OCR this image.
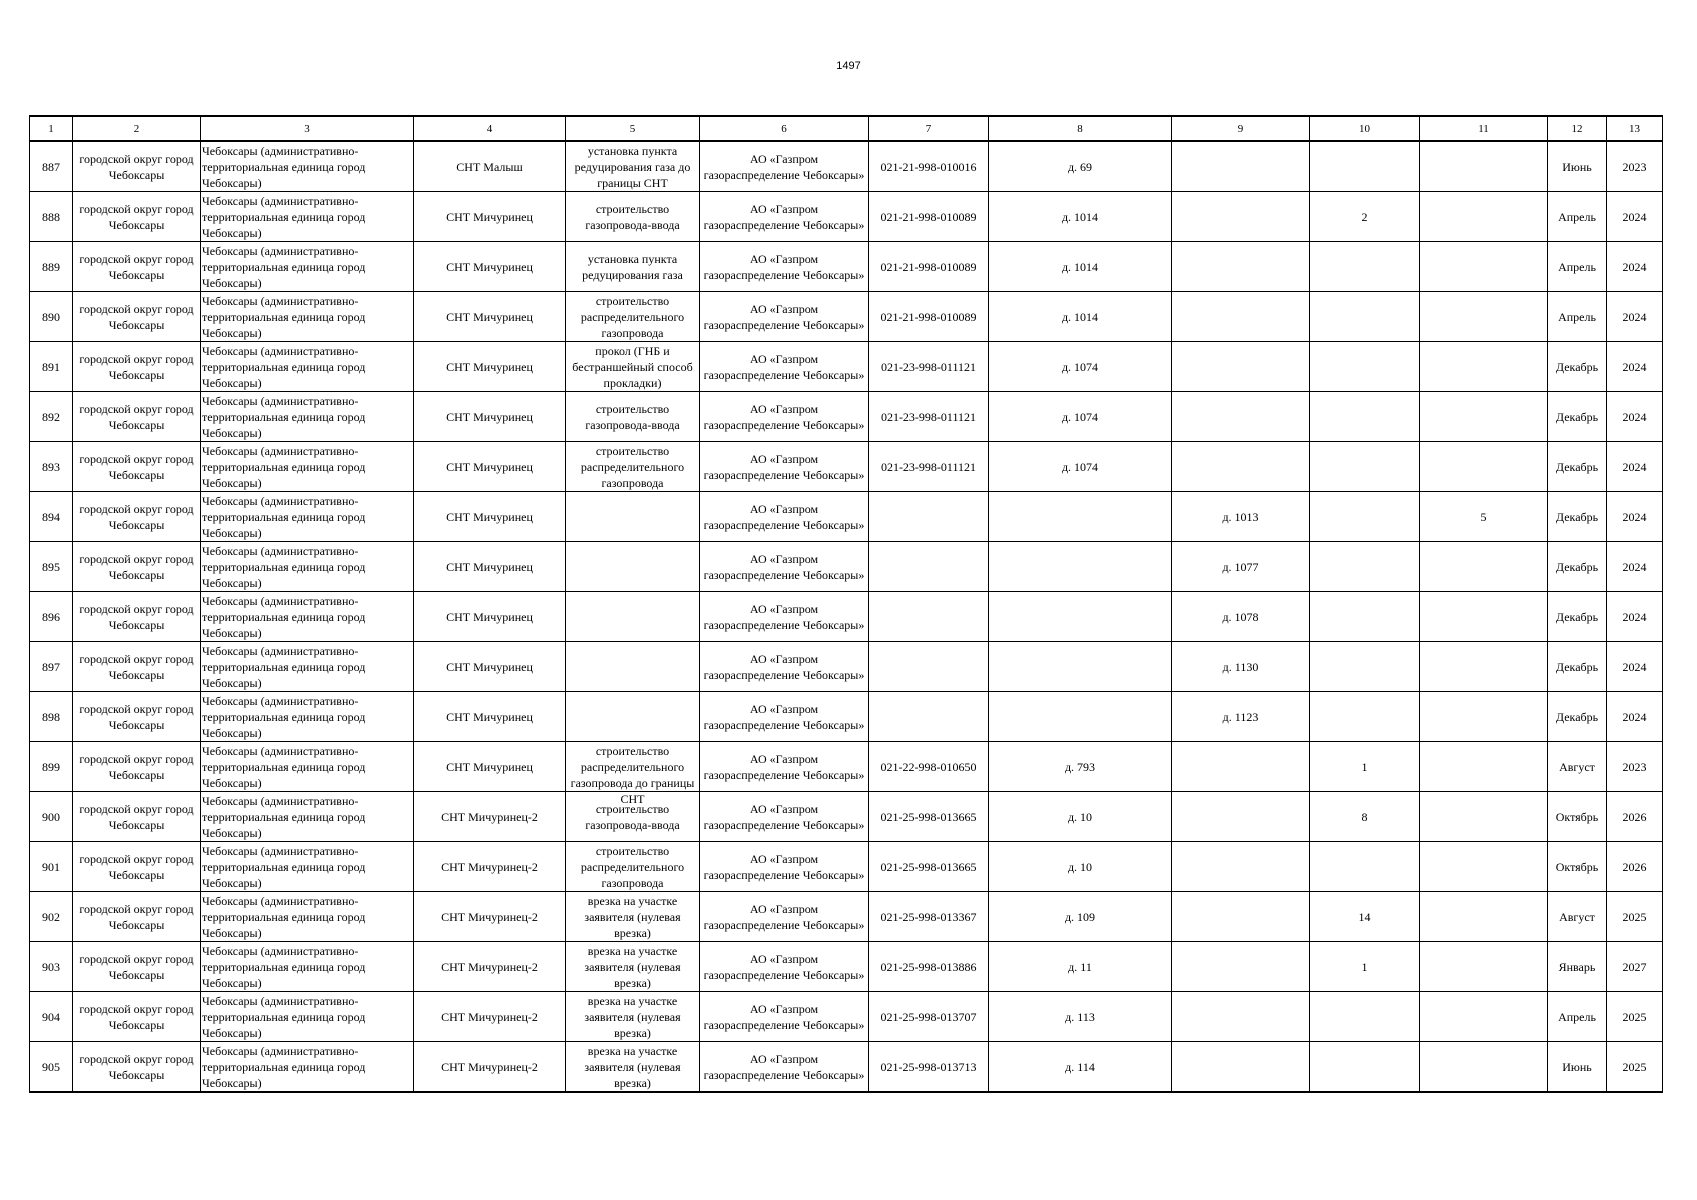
1497
1	2	3	4	5	6	7	8	9	10	11	12	13
887	городской округ город Чебоксары	Чебоксары (административно-территориальная единица город Чебоксары)	СНТ Малыш	установка пункта редуцирования газа до границы СНТ	АО «Газпром газораспределение Чебоксары»	021-21-998-010016	д. 69				Июнь	2023
888	городской округ город Чебоксары	Чебоксары (административно-территориальная единица город Чебоксары)	СНТ Мичуринец	строительство газопровода-ввода	АО «Газпром газораспределение Чебоксары»	021-21-998-010089	д. 1014		2		Апрель	2024
889	городской округ город Чебоксары	Чебоксары (административно-территориальная единица город Чебоксары)	СНТ Мичуринец	установка пункта редуцирования газа	АО «Газпром газораспределение Чебоксары»	021-21-998-010089	д. 1014				Апрель	2024
890	городской округ город Чебоксары	Чебоксары (административно-территориальная единица город Чебоксары)	СНТ Мичуринец	строительство распределительного газопровода	АО «Газпром газораспределение Чебоксары»	021-21-998-010089	д. 1014				Апрель	2024
891	городской округ город Чебоксары	Чебоксары (административно-территориальная единица город Чебоксары)	СНТ Мичуринец	прокол (ГНБ и бестраншейный способ прокладки)	АО «Газпром газораспределение Чебоксары»	021-23-998-011121	д. 1074				Декабрь	2024
892	городской округ город Чебоксары	Чебоксары (административно-территориальная единица город Чебоксары)	СНТ Мичуринец	строительство газопровода-ввода	АО «Газпром газораспределение Чебоксары»	021-23-998-011121	д. 1074				Декабрь	2024
893	городской округ город Чебоксары	Чебоксары (административно-территориальная единица город Чебоксары)	СНТ Мичуринец	строительство распределительного газопровода	АО «Газпром газораспределение Чебоксары»	021-23-998-011121	д. 1074				Декабрь	2024
894	городской округ город Чебоксары	Чебоксары (административно-территориальная единица город Чебоксары)	СНТ Мичуринец		АО «Газпром газораспределение Чебоксары»			д. 1013		5	Декабрь	2024
895	городской округ город Чебоксары	Чебоксары (административно-территориальная единица город Чебоксары)	СНТ Мичуринец		АО «Газпром газораспределение Чебоксары»			д. 1077			Декабрь	2024
896	городской округ город Чебоксары	Чебоксары (административно-территориальная единица город Чебоксары)	СНТ Мичуринец		АО «Газпром газораспределение Чебоксары»			д. 1078			Декабрь	2024
897	городской округ город Чебоксары	Чебоксары (административно-территориальная единица город Чебоксары)	СНТ Мичуринец		АО «Газпром газораспределение Чебоксары»			д. 1130			Декабрь	2024
898	городской округ город Чебоксары	Чебоксары (административно-территориальная единица город Чебоксары)	СНТ Мичуринец		АО «Газпром газораспределение Чебоксары»			д. 1123			Декабрь	2024
899	городской округ город Чебоксары	Чебоксары (административно-территориальная единица город Чебоксары)	СНТ Мичуринец	строительство распределительного газопровода до границы СНТ	АО «Газпром газораспределение Чебоксары»	021-22-998-010650	д. 793		1		Август	2023
900	городской округ город Чебоксары	Чебоксары (административно-территориальная единица город Чебоксары)	СНТ Мичуринец-2	строительство газопровода-ввода	АО «Газпром газораспределение Чебоксары»	021-25-998-013665	д. 10		8		Октябрь	2026
901	городской округ город Чебоксары	Чебоксары (административно-территориальная единица город Чебоксары)	СНТ Мичуринец-2	строительство распределительного газопровода	АО «Газпром газораспределение Чебоксары»	021-25-998-013665	д. 10				Октябрь	2026
902	городской округ город Чебоксары	Чебоксары (административно-территориальная единица город Чебоксары)	СНТ Мичуринец-2	врезка на участке заявителя (нулевая врезка)	АО «Газпром газораспределение Чебоксары»	021-25-998-013367	д. 109		14		Август	2025
903	городской округ город Чебоксары	Чебоксары (административно-территориальная единица город Чебоксары)	СНТ Мичуринец-2	врезка на участке заявителя (нулевая врезка)	АО «Газпром газораспределение Чебоксары»	021-25-998-013886	д. 11		1		Январь	2027
904	городской округ город Чебоксары	Чебоксары (административно-территориальная единица город Чебоксары)	СНТ Мичуринец-2	врезка на участке заявителя (нулевая врезка)	АО «Газпром газораспределение Чебоксары»	021-25-998-013707	д. 113				Апрель	2025
905	городской округ город Чебоксары	Чебоксары (административно-территориальная единица город Чебоксары)	СНТ Мичуринец-2	врезка на участке заявителя (нулевая врезка)	АО «Газпром газораспределение Чебоксары»	021-25-998-013713	д. 114				Июнь	2025
